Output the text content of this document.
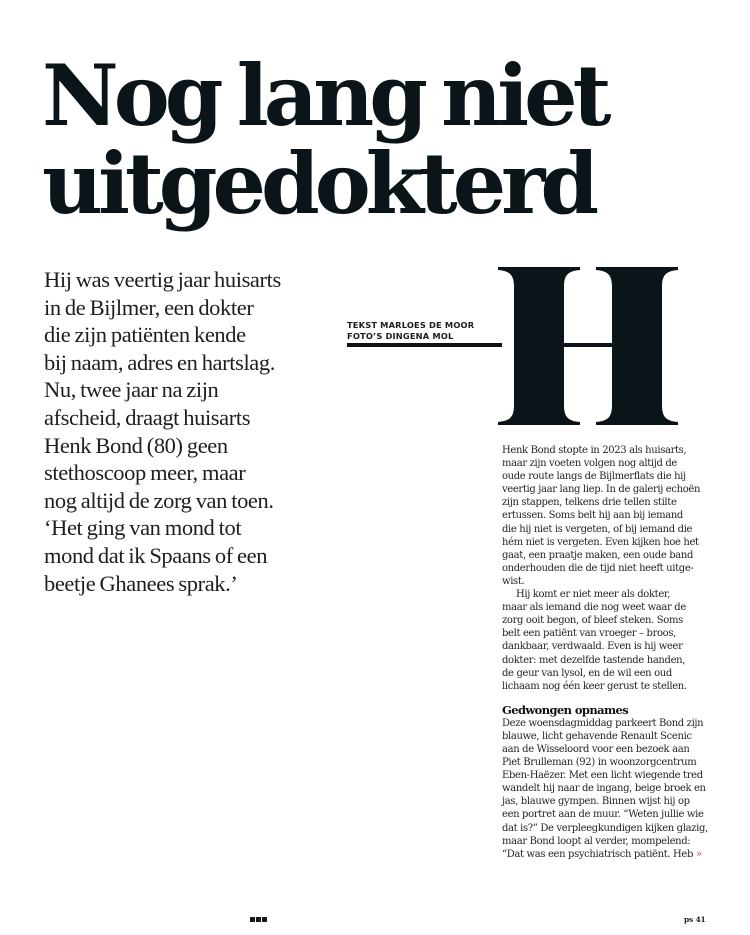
Nog lang niet
uitgedokterd

Hij was veertig jaar huisarts
in de Bijlmer, een dokter
die zijn patiënten kende
bij naam, adres en hartslag.
Nu, twee jaar na zijn
afscheid, draagt huisarts
Henk Bond (80) geen
stethoscoop meer, maar
nog altijd de zorg van toen.
‘Het ging van mond tot
mond dat ik Spaans of een
beetje Ghanees sprak.’

TEKST MARLOES DE MOOR
FOTO’S DINGENA MOL
Henk Bond stopte in 2023 als huisarts,
maar zijn voeten volgen nog altijd de
oude route langs de Bijlmerflats die hij
veertig jaar lang liep. In de galerij echoën
zijn stappen, telkens drie tellen stilte
ertussen. Soms belt hij aan bij iemand
die hij niet is vergeten, of bij iemand die
hém niet is vergeten. Even kijken hoe het
gaat, een praatje maken, een oude band
onderhouden die de tijd niet heeft uitge-
wist.
Hij komt er niet meer als dokter,
maar als iemand die nog weet waar de
zorg ooit begon, of bleef steken. Soms
belt een patiënt van vroeger – broos,
dankbaar, verdwaald. Even is hij weer
dokter: met dezelfde tastende handen,
de geur van lysol, en de wil een oud
lichaam nog één keer gerust te stellen.
Gedwongen opnames
Deze woensdagmiddag parkeert Bond zijn
blauwe, licht gehavende Renault Scenic
aan de Wisseloord voor een bezoek aan
Piet Brulleman (92) in woonzorgcentrum
Eben-Haëzer. Met een licht wiegende tred
wandelt hij naar de ingang, beige broek en
jas, blauwe gympen. Binnen wijst hij op
een portret aan de muur. “Weten jullie wie
dat is?” De verpleegkundigen kijken glazig,
maar Bond loopt al verder, mompelend:
“Dat was een psychiatrisch patiënt. Heb »
ps 41
